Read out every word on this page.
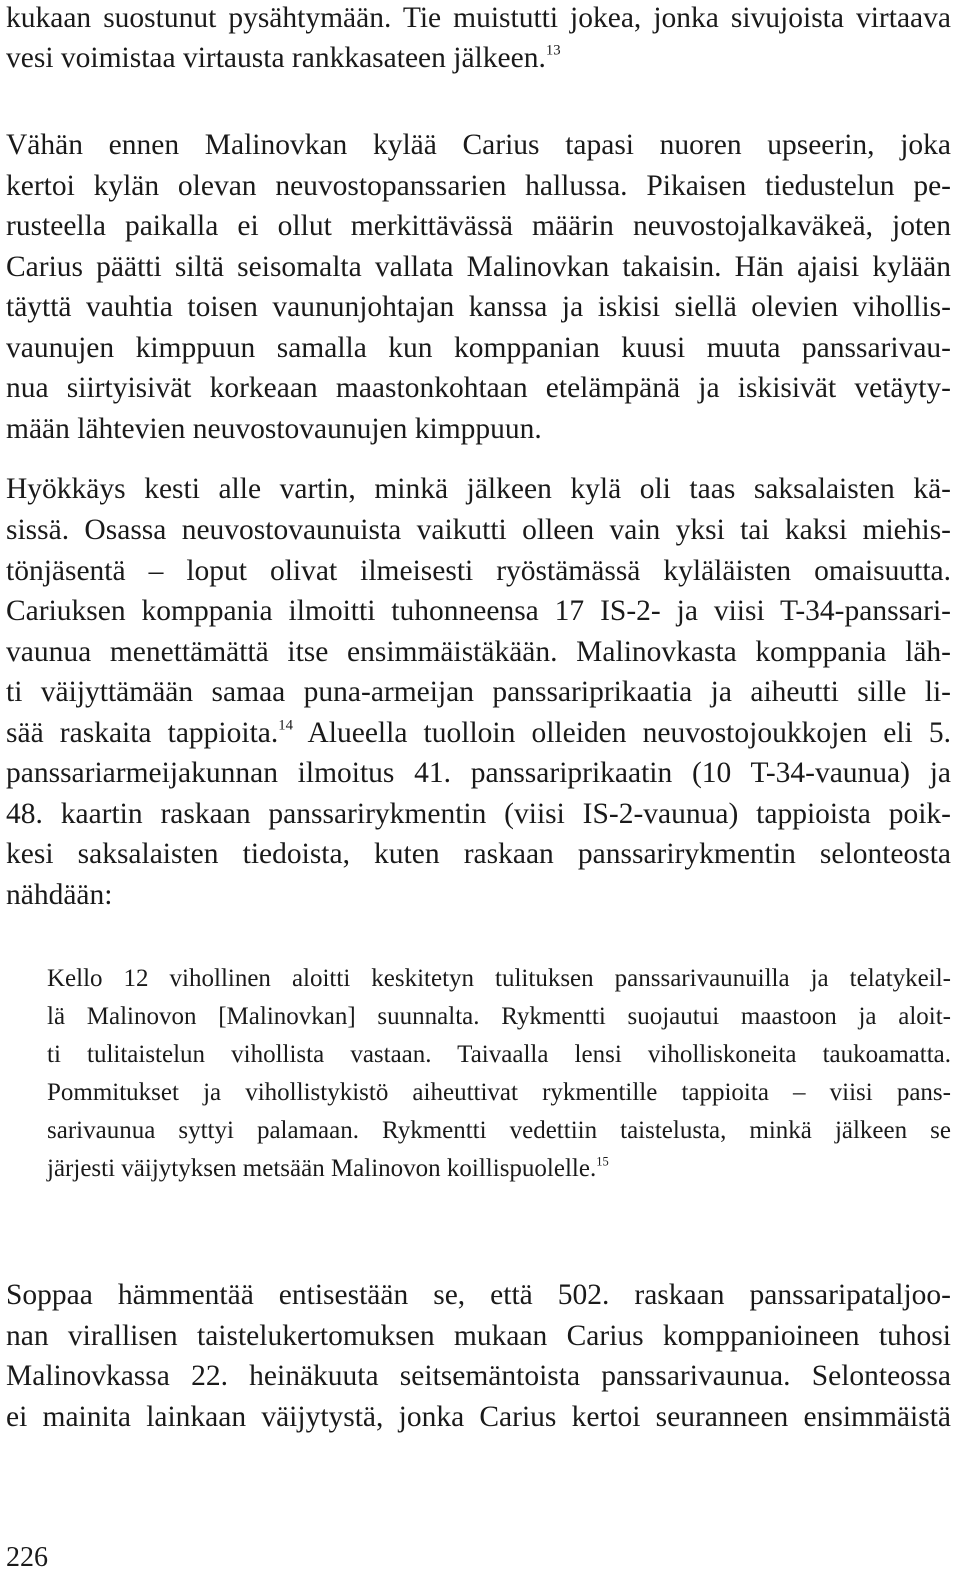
kukaan suostunut pysähtymään. Tie muistutti jokea, jonka sivujoista virtaava
vesi voimistaa virtausta rankkasateen jälkeen.$^{13}$
Vähän ennen Malinovkan kylää Carius tapasi nuoren upseerin, joka
kertoi kylän olevan neuvostopanssarien hallussa. Pikaisen tiedustelun pe-
rusteella paikalla ei ollut merkittävässä määrin neuvostojalkaväkeä, joten
Carius päätti siltä seisomalta vallata Malinovkan takaisin. Hän ajaisi kylään
täyttä vauhtia toisen vaununjohtajan kanssa ja iskisi siellä olevien vihollis-
vaunujen kimppuun samalla kun komppanian kuusi muuta panssarivau-
nua siirtyisivät korkeaan maastonkohtaan etelämpänä ja iskisivät vetäyty-
mään lähtevien neuvostovaunujen kimppuun.
Hyökkäys kesti alle vartin, minkä jälkeen kylä oli taas saksalaisten kä-
sissä. Osassa neuvostovaunuista vaikutti olleen vain yksi tai kaksi miehis-
tönjäsentä – loput olivat ilmeisesti ryöstämässä kyläläisten omaisuutta.
Cariuksen komppania ilmoitti tuhonneensa 17 IS-2- ja viisi T-34-panssari-
vaunua menettämättä itse ensimmäistäkään. Malinovkasta komppania läh-
ti väijyttämään samaa puna-armeijan panssariprikaatia ja aiheutti sille li-
sää raskaita tappioita.$^{14}$ Alueella tuolloin olleiden neuvostojoukkojen eli 5.
panssariarmeijakunnan ilmoitus 41. panssariprikaatin (10 T-34-vaunua) ja
48. kaartin raskaan panssarirykmentin (viisi IS-2-vaunua) tappioista poik-
kesi saksalaisten tiedoista, kuten raskaan panssarirykmentin selonteosta
nähdään:
Kello 12 vihollinen aloitti keskitetyn tulituksen panssarivaunuilla ja telatykeil-
lä Malinovon [Malinovkan] suunnalta. Rykmentti suojautui maastoon ja aloit-
ti tulitaistelun vihollista vastaan. Taivaalla lensi viholliskoneita taukoamatta.
Pommitukset ja vihollistykistö aiheuttivat rykmentille tappioita – viisi pans-
sarivaunua syttyi palamaan. Rykmentti vedettiin taistelusta, minkä jälkeen se
järjesti väijytyksen metsään Malinovon koillispuolelle.$^{15}$
Soppaa hämmentää entisestään se, että 502. raskaan panssaripataljoo-
nan virallisen taistelukertomuksen mukaan Carius komppanioineen tuhosi
Malinovkassa 22. heinäkuuta seitsemäntoista panssarivaunua. Selonteossa
ei mainita lainkaan väijytystä, jonka Carius kertoi seuranneen ensimmäistä
226
